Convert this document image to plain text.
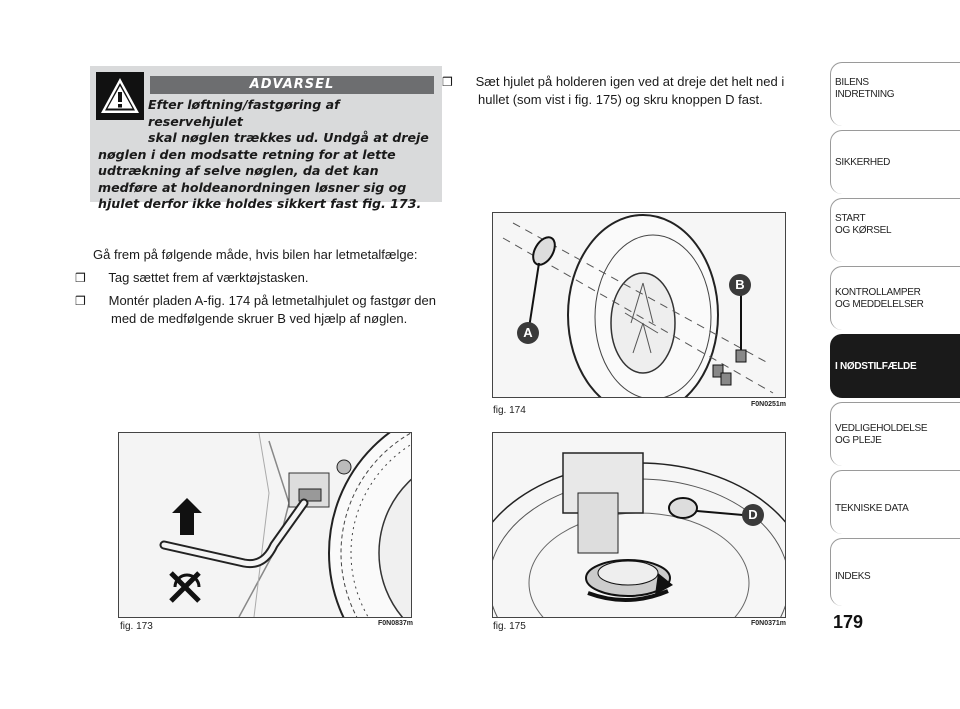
ADVARSEL
Efter løftning/fastgøring af reservehjulet
skal nøglen trækkes ud. Undgå at dreje
nøglen i den modsatte retning for at lette udtrækning af selve nøglen, da det kan medføre at holdeanordningen løsner sig og hjulet derfor ikke holdes sikkert fast fig. 173.
Gå frem på følgende måde, hvis bilen har letmetalfælge:
❒ Tag sættet frem af værktøjstasken.
❒ Montér pladen A-fig. 174 på letmetalhjulet og fastgør den med de medfølgende skruer B ved hjælp af nøglen.
❒ Sæt hjulet på holderen igen ved at dreje det helt ned i hullet (som vist i fig. 175) og skru knoppen D fast.
fig. 173	F0N0837m
A
B
fig. 174
F0N0251m
D
fig. 175	F0N0371m
BILENS
INDRETNING
SIKKERHED
START
OG KØRSEL
KONTROLLAMPER
OG MEDDELELSER
I NØDSTILFÆLDE
VEDLIGEHOLDELSE
OG PLEJE
TEKNISKE DATA
INDEKS
179
